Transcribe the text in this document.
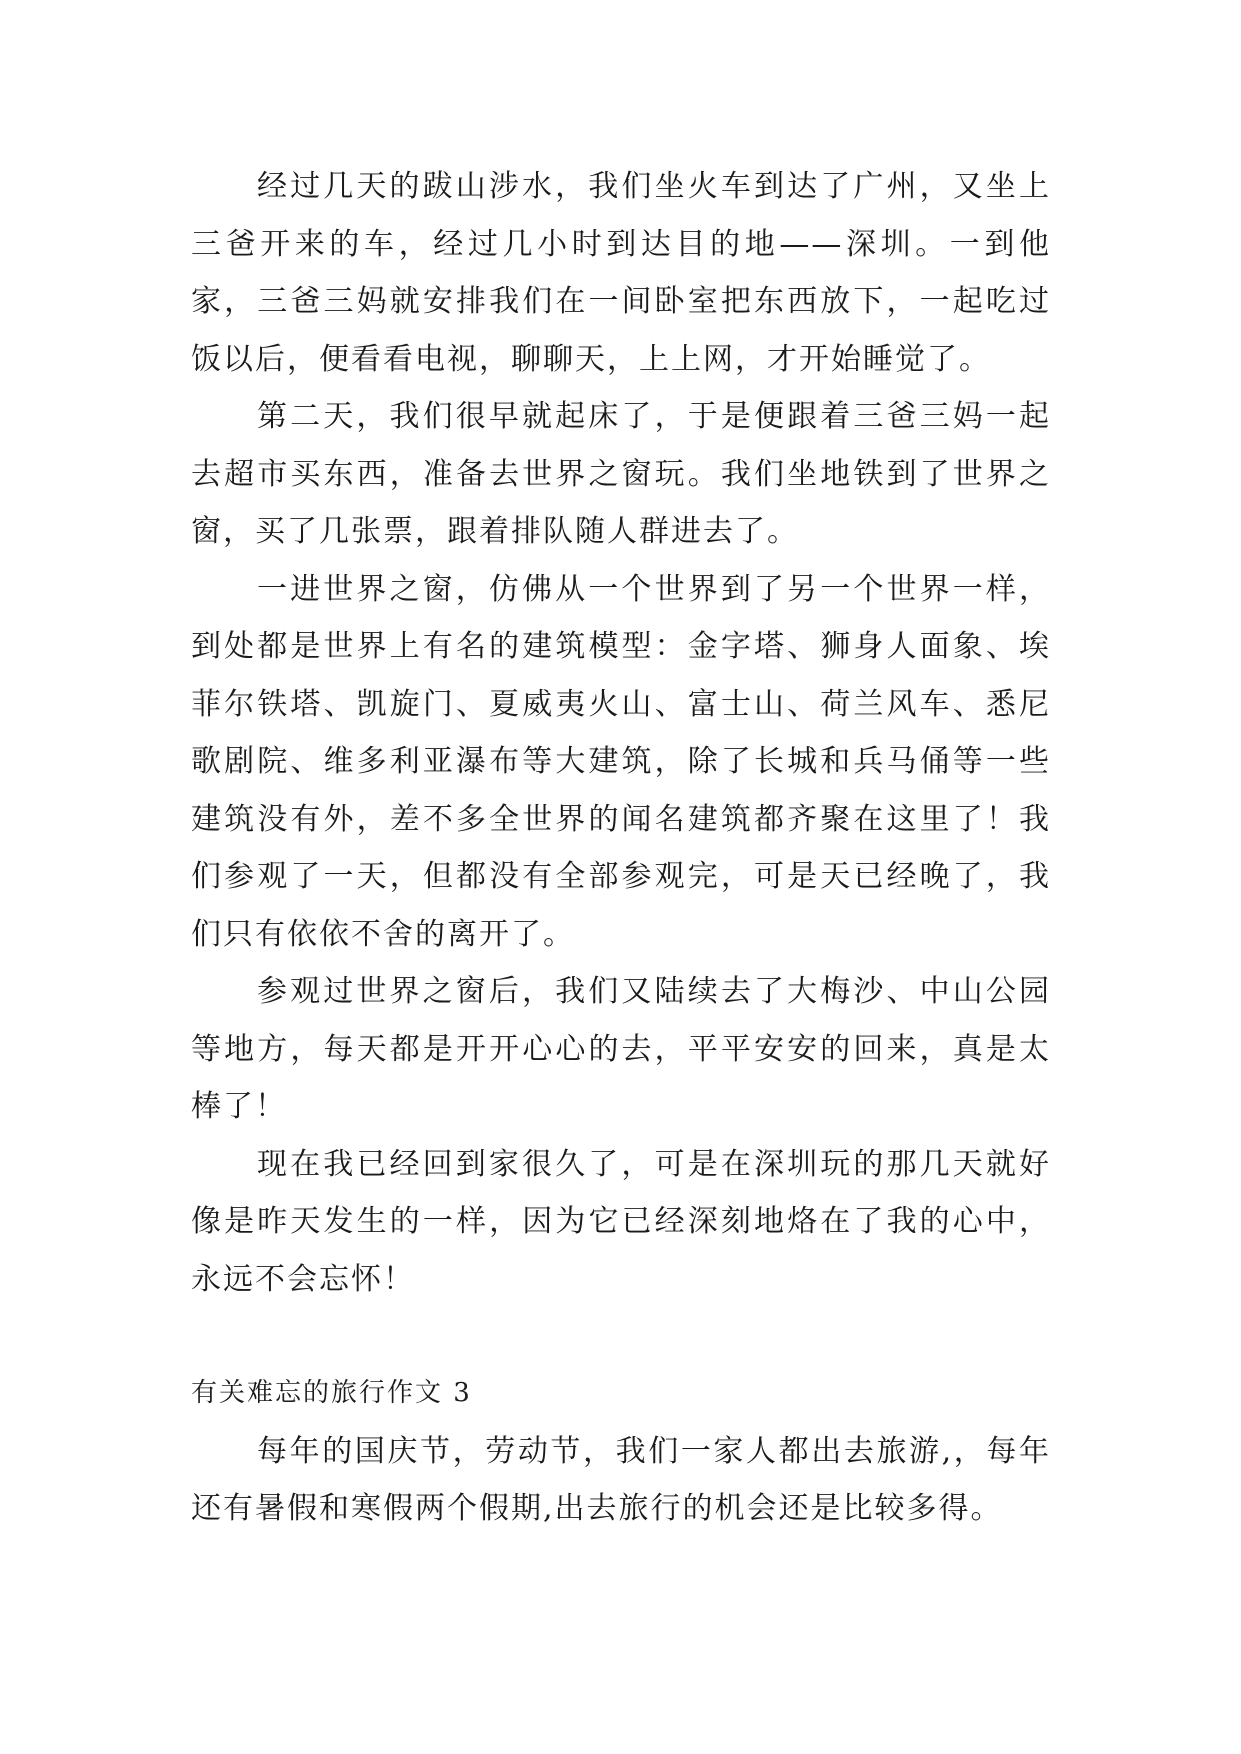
经过几天的跋山涉水，我们坐火车到达了广州，又坐上三爸开来的车，经过几小时到达目的地——深圳。一到他家，三爸三妈就安排我们在一间卧室把东西放下，一起吃过饭以后，便看看电视，聊聊天，上上网，才开始睡觉了。

第二天，我们很早就起床了，于是便跟着三爸三妈一起去超市买东西，准备去世界之窗玩。我们坐地铁到了世界之窗，买了几张票，跟着排队随人群进去了。

一进世界之窗，仿佛从一个世界到了另一个世界一样，到处都是世界上有名的建筑模型：金字塔、狮身人面象、埃菲尔铁塔、凯旋门、夏威夷火山、富士山、荷兰风车、悉尼歌剧院、维多利亚瀑布等大建筑，除了长城和兵马俑等一些建筑没有外，差不多全世界的闻名建筑都齐聚在这里了！我们参观了一天，但都没有全部参观完，可是天已经晚了，我们只有依依不舍的离开了。

参观过世界之窗后，我们又陆续去了大梅沙、中山公园等地方，每天都是开开心心的去，平平安安的回来，真是太棒了！

现在我已经回到家很久了，可是在深圳玩的那几天就好像是昨天发生的一样，因为它已经深刻地烙在了我的心中，永远不会忘怀！

有关难忘的旅行作文 3

每年的国庆节，劳动节，我们一家人都出去旅游,，每年还有暑假和寒假两个假期,出去旅行的机会还是比较多得。
